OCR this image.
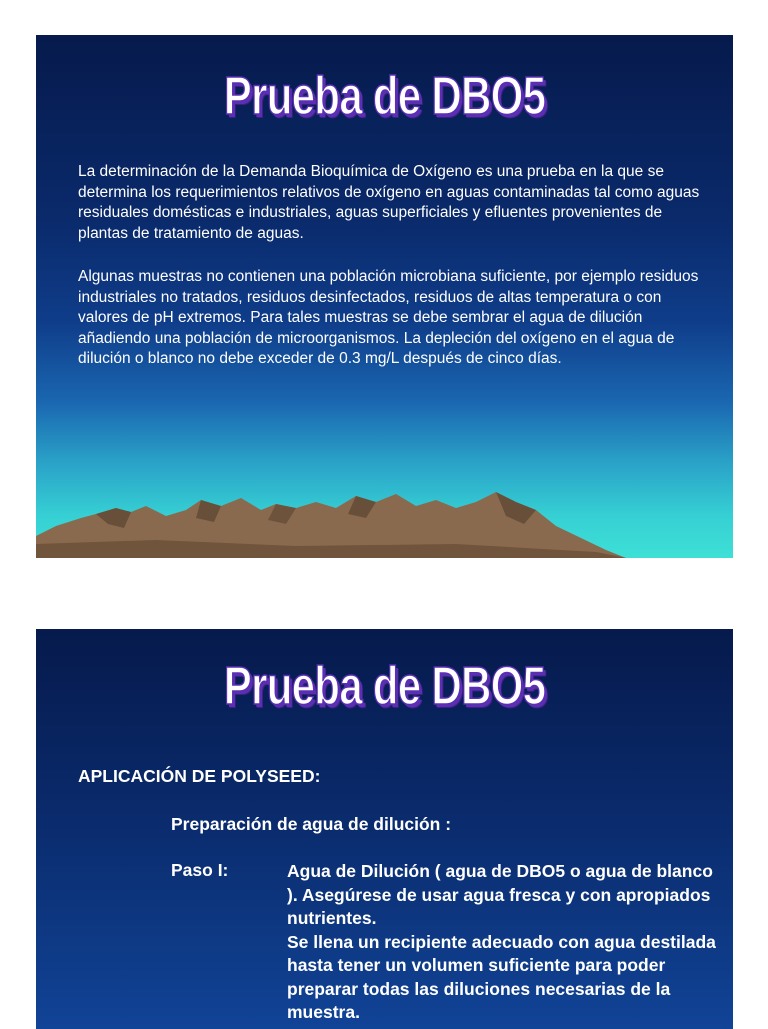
Prueba de DBO5

La determinación de la Demanda Bioquímica de Oxígeno es una prueba en la que se determina los requerimientos relativos de oxígeno en aguas contaminadas tal como aguas residuales domésticas e industriales, aguas superficiales y efluentes provenientes de plantas de tratamiento de aguas.

Algunas muestras no contienen una población microbiana suficiente, por ejemplo residuos industriales no tratados, residuos desinfectados, residuos de altas temperatura o con valores de pH extremos. Para tales muestras se debe sembrar el agua de dilución añadiendo una población de microorganismos. La depleción del oxígeno en el agua de dilución o blanco no debe exceder de 0.3 mg/L después de cinco días.

Prueba de DBO5

APLICACIÓN DE POLYSEED:

Preparación de agua de dilución :

Paso I:	Agua de Dilución ( agua de DBO5 o agua de blanco ). Asegúrese de usar agua fresca y con apropiados nutrientes.
Se llena un recipiente adecuado con agua destilada hasta tener un volumen suficiente para poder preparar todas las diluciones necesarias de la muestra.
